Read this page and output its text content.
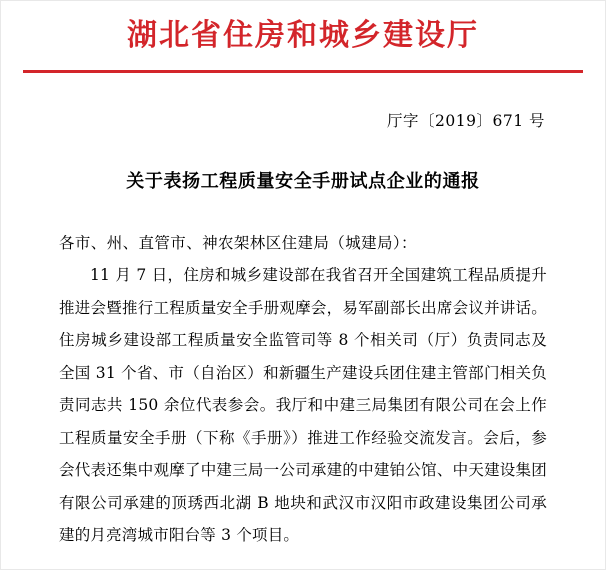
湖北省住房和城乡建设厅
厅字〔2019〕671 号
关于表扬工程质量安全手册试点企业的通报

各市、州、直管市、神农架林区住建局（城建局）：

11 月 7 日，住房和城乡建设部在我省召开全国建筑工程品质提升推进会暨推行工程质量安全手册观摩会，易军副部长出席会议并讲话。住房城乡建设部工程质量安全监管司等 8 个相关司（厅）负责同志及全国 31 个省、市（自治区）和新疆生产建设兵团住建主管部门相关负责同志共 150 余位代表参会。我厅和中建三局集团有限公司在会上作工程质量安全手册（下称《手册》）推进工作经验交流发言。会后，参会代表还集中观摩了中建三局一公司承建的中建铂公馆、中天建设集团有限公司承建的顶琇西北湖 B 地块和武汉市汉阳市政建设集团公司承建的月亮湾城市阳台等 3 个项目。
